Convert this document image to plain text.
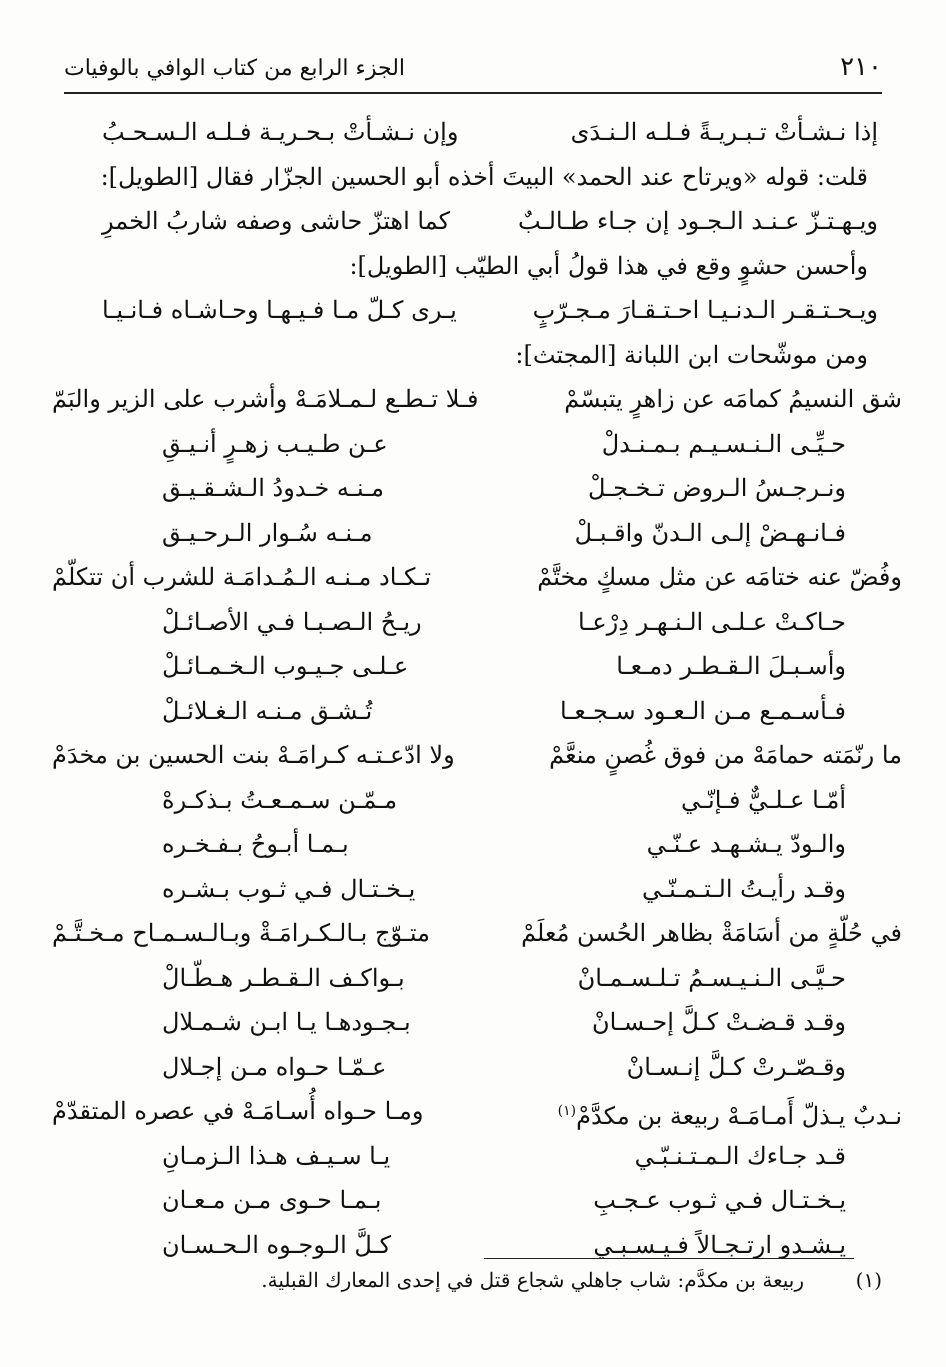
٢١٠
الجزء الرابع من كتاب الوافي بالوفيات
إذا نـشـأتْ تـبـريـةً فـلـه الـنـدَى
وإن نـشـأتْ بـحـريـة فـلـه الـسـحـبُ
قلت: قوله «ويرتاح عند الحمد» البيتَ أخذه أبو الحسين الجزّار فقال [الطويل]:
ويـهـتـزّ عـنـد الـجـود إن جـاء طـالـبٌ
كما اهتزّ حاشى وصفه شاربُ الخمرِ
وأحسن حشوٍ وقع في هذا قولُ أبي الطيّب [الطويل]:
ويـحـتـقـر الـدنـيـا احـتـقـارَ مـجـرّبٍ
يـرى كـلّ مـا فـيـهـا وحـاشـاه فـانـيـا
ومن موشّحات ابن اللبانة [المجتث]:
شق النسيمُ كمامَه عن زاهرٍ يتبسّمْ
فـلا تـطـع لـمـلامَـهْ وأشرب على الزير والبَمّ
حـيِّـى الـنـسـيـم بـمـنـدلْ
عـن طـيـب زهـرٍ أنـيـقِ
ونـرجـسُ الـروض تـخـجـلْ
مـنـه خـدودُ الـشـقـيـق
فـانـهـضْ إلـى الـدنّ واقـبـلْ
مـنـه سُـوار الـرحـيـق
وفُضّ عنه ختامَه عن مثل مسكٍ مختَّمْ
تـكـاد مـنـه الـمُـدامَـة للشرب أن تتكلّمْ
حـاكـتْ عـلـى الـنـهـر دِرْعـا
ريـحُ الـصـبـا فـي الأصـائـلْ
وأسـبـلَ الـقـطـر دمـعـا
عـلـى جـيـوب الـخـمـائـلْ
فـأسـمـع مـن الـعـود سـجـعـا
تُـشـق مـنـه الـغـلائـلْ
ما رنّمَته حمامَهْ من فوق غُصنٍ منعَّمْ
ولا ادّعـتـه كـرامَـهْ بنت الحسين بن مخدَمْ
أمّـا عـلـيٌّ فـإنّـي
مـمّـن سـمـعـتُ بـذكـرهْ
والـودّ يـشـهـد عـنّـي
بـمـا أبـوحُ بـفـخـره
وقـد رأيـتُ الـتـمـنّـي
يـخـتـال فـي ثـوب بـشـره
في حُلّةٍ من أسَامَةْ بظاهر الحُسن مُعلَمْ
متـوّج بـالـكـرامَـةْ وبـالـسـمـاح مـخـتَّـمْ
حـيَّـى الـنـيـسـمُ تـلـسـمـانْ
بـواكـف الـقـطـر هـطّـالْ
وقـد قـضـتْ كـلَّ إحـسـانْ
بـجـودهـا يـا ابـن شـمـلال
وقـصّـرتْ كـلَّ إنـسـانْ
عـمّـا حـواه مـن إجـلال
نـدبٌ يـذلّ أَمـامَـهْ ربيعة بن مكدَّمْ$^{(١)}$
ومـا حـواه أُسـامَـهْ في عصره المتقدّمْ
قـد جـاءك الـمـتـنـبّـي
يـا سـيـف هـذا الـزمـانِ
يـخـتـال فـي ثـوب عـجـبِ
بـمـا حـوى مـن مـعـان
يـشـدو ارتـجـالاً فـيـسـبـي
كـلَّ الـوجـوه الـحـسـان
(١)
ربيعة بن مكدَّم: شاب جاهلي شجاع قتل في إحدى المعارك القبلية.
